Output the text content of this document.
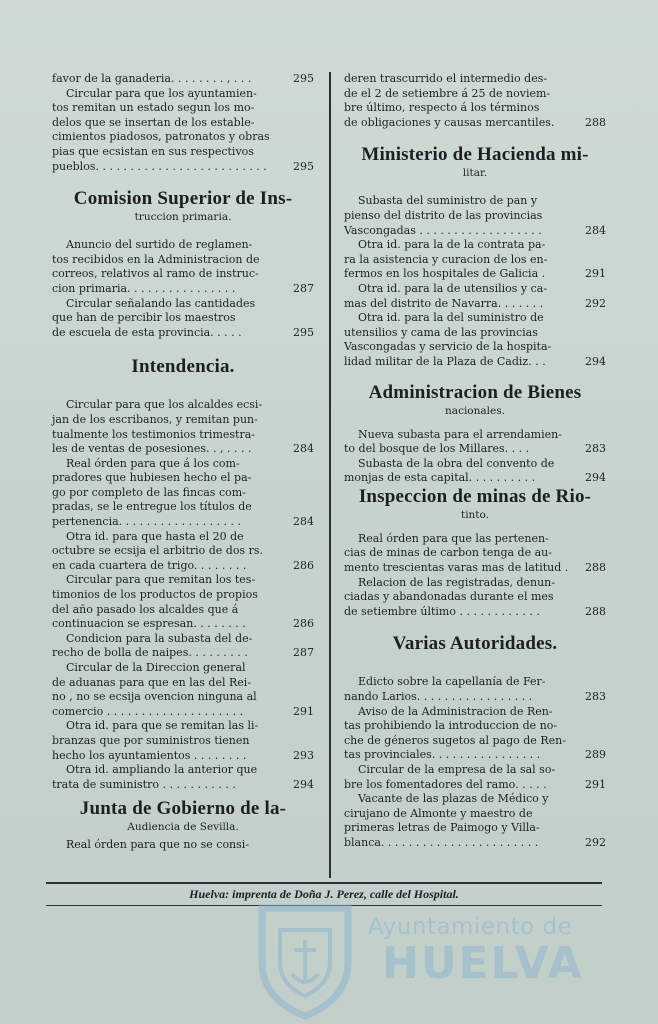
favor de la ganaderia. . . . . . . . , . . .	295
Circular para que los ayuntamien-
tos remitan un estado segun los mo-
delos que se insertan de los estable-
cimientos piadosos, patronatos y obras
pias que ecsistan en sus respectivos
pueblos. . . . . . . . . . . . . . . . . . . . . . . . .	295
Comision Superior de Ins-

truccion primaria.

Anuncio del surtido de reglamen-
tos recibidos en la Administracion de
correos, relativos al ramo de instruc-
cion primaria. . . . . . . . . . . . . . . .	287
Circular señalando las cantidades
que han de percibir los maestros
de escuela de esta provincia. . . . .	295
Intendencia.
Circular para que los alcaldes ecsi-
jan de los escribanos, y remitan pun-
tualmente los testimonios trimestra-
les de ventas de posesiones. . , . . . .	284
Real órden para que á los com-
pradores que hubiesen hecho el pa-
go por completo de las fincas com-
pradas, se le entregue los títulos de
pertenencia. . . . . . . . . . . . . . . . . .	284
Otra id. para que hasta el 20 de
octubre se ecsija el arbitrio de dos rs.
en cada cuartera de trigo. . . . . . . .	286
Circular para que remitan los tes-
timonios de los productos de propios
del año pasado los alcaldes que á
continuacion se espresan. . . . . . . .	286
Condicion para la subasta del de-
recho de bolla de naipes. . . . . . . . .	287
Circular de la Direccion general
de aduanas para que en las del Rei-
no , no se ecsija ovencion ninguna al
comercio . . . . . . . . . . . . . . . . . . . .	291
Otra id. para que se remitan las li-
branzas que por suministros tienen
hecho los ayuntamientos . . . . . . . .	293
Otra id. ampliando la anterior que
trata de suministro . . . . . . . . . . .	294
Junta de Gobierno de la-

Audiencia de Sevilla.

Real órden para que no se consi-
deren trascurrido el intermedio des-
de el 2 de setiembre á 25 de noviem-
bre último, respecto á los términos
de obligaciones y causas mercantiles.	288
Ministerio de Hacienda mi-

litar.

Subasta del suministro de pan y
pienso del distrito de las provincias
Vascongadas . . . . . . . . . . . . . . . . . .	284
Otra id. para la de la contrata pa-
ra la asistencia y curacion de los en-
fermos en los hospitales de Galicia .	291
Otra id. para la de utensilios y ca-
mas del distrito de Navarra. . . . . . .	292
Otra id. para la del suministro de
utensilios y cama de las provincias
Vascongadas y servicio de la hospita-
lidad militar de la Plaza de Cadiz. . .	294
Administracion de Bienes

nacionales.

Nueva subasta para el arrendamien-
to del bosque de los Millares. . . .	283
Subasta de la obra del convento de
monjas de esta capital. . . . . . . . . .	294
Inspeccion de minas de Rio-

tinto.

Real órden para que las pertenen-
cias de minas de carbon tenga de au-
mento trescientas varas mas de latitud .	288
Relacion de las registradas, denun-
ciadas y abandonadas durante el mes
de setiembre último . . . . . . . . . . . .	288
Varias Autoridades.
Edicto sobre la capellanía de Fer-
nando Larios. . . . . . . . . . . . . . . . .	283
Aviso de la Administracion de Ren-
tas prohibiendo la introduccion de no-
che de géneros sugetos al pago de Ren-
tas provinciales. . . . . . . . . . . . . . . .	289
Circular de la empresa de la sal so-
bre los fomentadores del ramo. . . . .	291
Vacante de las plazas de Médico y
cirujano de Almonte y maestro de
primeras letras de Paimogo y Villa-
blanca. . . . . . . . . . . . . . . . . . . . . . .	292
Huelva: imprenta de Doña J. Perez, calle del Hospital.
Ayuntamiento de
HUELVA
